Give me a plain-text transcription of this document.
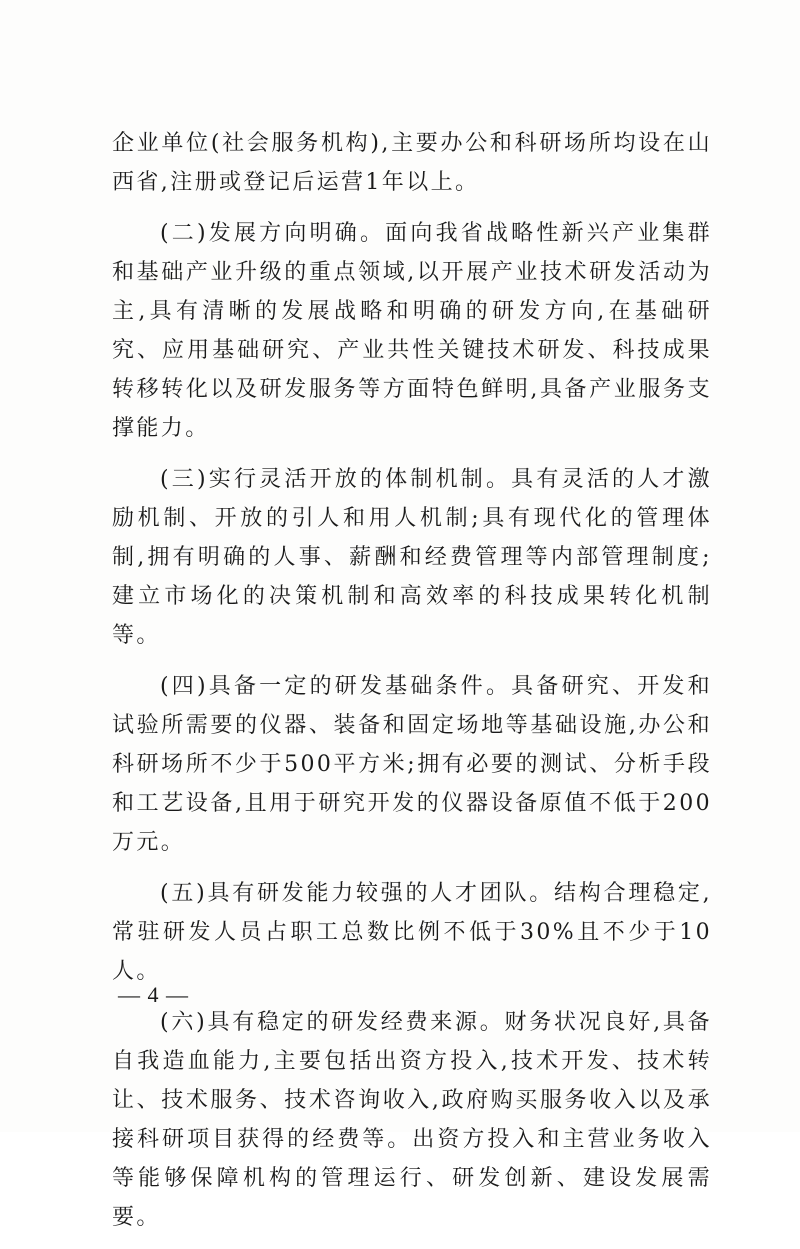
企业单位(社会服务机构),主要办公和科研场所均设在山西省,注册或登记后运营1年以上。

(二)发展方向明确。面向我省战略性新兴产业集群和基础产业升级的重点领域,以开展产业技术研发活动为主,具有清晰的发展战略和明确的研发方向,在基础研究、应用基础研究、产业共性关键技术研发、科技成果转移转化以及研发服务等方面特色鲜明,具备产业服务支撑能力。

(三)实行灵活开放的体制机制。具有灵活的人才激励机制、开放的引人和用人机制;具有现代化的管理体制,拥有明确的人事、薪酬和经费管理等内部管理制度;建立市场化的决策机制和高效率的科技成果转化机制等。

(四)具备一定的研发基础条件。具备研究、开发和试验所需要的仪器、装备和固定场地等基础设施,办公和科研场所不少于500平方米;拥有必要的测试、分析手段和工艺设备,且用于研究开发的仪器设备原值不低于200万元。

(五)具有研发能力较强的人才团队。结构合理稳定,常驻研发人员占职工总数比例不低于30%且不少于10人。

(六)具有稳定的研发经费来源。财务状况良好,具备自我造血能力,主要包括出资方投入,技术开发、技术转让、技术服务、技术咨询收入,政府购买服务收入以及承接科研项目获得的经费等。出资方投入和主营业务收入等能够保障机构的管理运行、研发创新、建设发展需要。

— 4 —
